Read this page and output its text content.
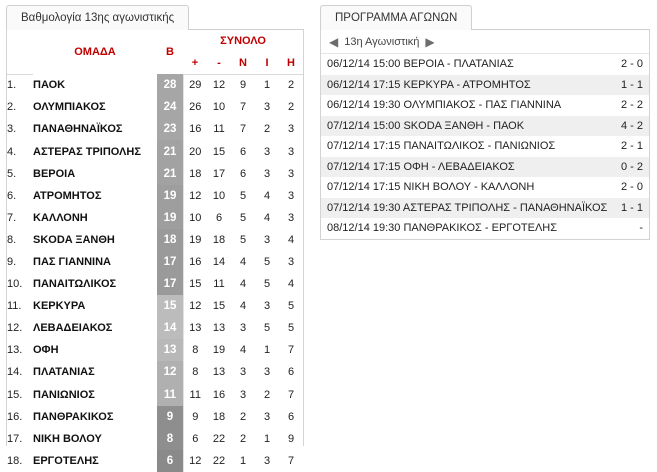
Βαθμολογία 13ης αγωνιστικής
	ΟΜΑΔΑ	Β	ΣΥΝΟΛΟ				
			+	-	Ν	Ι	Η
1.	ΠΑΟΚ	28	29	12	9	1	2
2.	ΟΛΥΜΠΙΑΚΟΣ	24	26	10	7	3	2
3.	ΠΑΝΑΘΗΝΑΪΚΟΣ	23	16	11	7	2	3
4.	ΑΣΤΕΡΑΣ ΤΡΙΠΟΛΗΣ	21	20	15	6	3	3
5.	ΒΕΡΟΙΑ	21	18	17	6	3	3
6.	ΑΤΡΟΜΗΤΟΣ	19	12	10	5	4	3
7.	ΚΑΛΛΟΝΗ	19	10	6	5	4	3
8.	SKODA ΞΑΝΘΗ	18	19	18	5	3	4
9.	ΠΑΣ ΓΙΑΝΝΙΝΑ	17	16	14	4	5	3
10.	ΠΑΝΑΙΤΩΛΙΚΟΣ	17	15	11	4	5	4
11.	ΚΕΡΚΥΡΑ	15	12	15	4	3	5
12.	ΛΕΒΑΔΕΙΑΚΟΣ	14	13	13	3	5	5
13.	ΟΦΗ	13	8	19	4	1	7
14.	ΠΛΑΤΑΝΙΑΣ	12	8	13	3	3	6
15.	ΠΑΝΙΩΝΙΟΣ	11	11	16	3	2	7
16.	ΠΑΝΘΡΑΚΙΚΟΣ	9	9	18	2	3	6
17.	ΝΙΚΗ ΒΟΛΟΥ	8	6	22	2	1	9
18.	ΕΡΓΟΤΕΛΗΣ	6	12	22	1	3	7
ΠΡΟΓΡΑΜΜΑ ΑΓΩΝΩΝ
◀ 13η Αγωνιστική ▶
06/12/14 15:00 ΒΕΡΟΙΑ - ΠΛΑΤΑΝΙΑΣ	2 - 0
06/12/14 17:15 ΚΕΡΚΥΡΑ - ΑΤΡΟΜΗΤΟΣ	1 - 1
06/12/14 19:30 ΟΛΥΜΠΙΑΚΟΣ - ΠΑΣ ΓΙΑΝΝΙΝΑ	2 - 2
07/12/14 15:00 SKODA ΞΑΝΘΗ - ΠΑΟΚ	4 - 2
07/12/14 17:15 ΠΑΝΑΙΤΩΛΙΚΟΣ - ΠΑΝΙΩΝΙΟΣ	2 - 1
07/12/14 17:15 ΟΦΗ - ΛΕΒΑΔΕΙΑΚΟΣ	0 - 2
07/12/14 17:15 ΝΙΚΗ ΒΟΛΟΥ - ΚΑΛΛΟΝΗ	2 - 0
07/12/14 19:30 ΑΣΤΕΡΑΣ ΤΡΙΠΟΛΗΣ - ΠΑΝΑΘΗΝΑΪΚΟΣ	1 - 1
08/12/14 19:30 ΠΑΝΘΡΑΚΙΚΟΣ - ΕΡΓΟΤΕΛΗΣ	-
